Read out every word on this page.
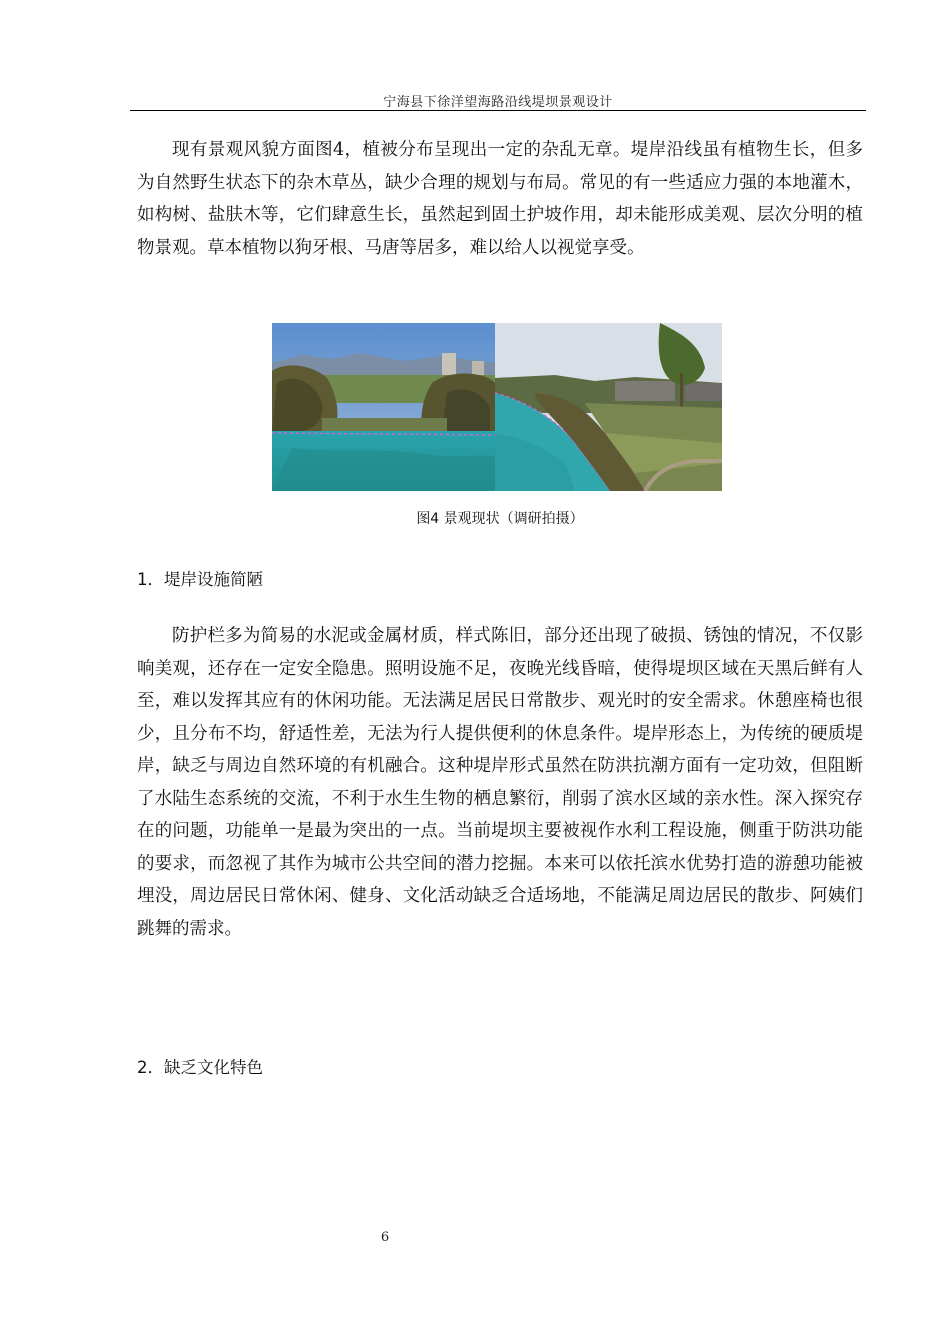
宁海县下徐洋望海路沿线堤坝景观设计

现有景观风貌方面图4，植被分布呈现出一定的杂乱无章。堤岸沿线虽有植物生长，但多为自然野生状态下的杂木草丛，缺少合理的规划与布局。常见的有一些适应力强的本地灌木，如构树、盐肤木等，它们肆意生长，虽然起到固土护坡作用，却未能形成美观、层次分明的植物景观。草本植物以狗牙根、马唐等居多，难以给人以视觉享受。

图4 景观现状（调研拍摄）
1．堤岸设施简陋

防护栏多为简易的水泥或金属材质，样式陈旧，部分还出现了破损、锈蚀的情况，不仅影响美观，还存在一定安全隐患。照明设施不足，夜晚光线昏暗，使得堤坝区域在天黑后鲜有人至，难以发挥其应有的休闲功能。无法满足居民日常散步、观光时的安全需求。休憩座椅也很少，且分布不均，舒适性差，无法为行人提供便利的休息条件。堤岸形态上，为传统的硬质堤岸，缺乏与周边自然环境的有机融合。这种堤岸形式虽然在防洪抗潮方面有一定功效，但阻断了水陆生态系统的交流，不利于水生生物的栖息繁衍，削弱了滨水区域的亲水性。深入探究存在的问题，功能单一是最为突出的一点。当前堤坝主要被视作水利工程设施，侧重于防洪功能的要求，而忽视了其作为城市公共空间的潜力挖掘。本来可以依托滨水优势打造的游憩功能被埋没，周边居民日常休闲、健身、文化活动缺乏合适场地，不能满足周边居民的散步、阿姨们跳舞的需求。

2．缺乏文化特色
6
